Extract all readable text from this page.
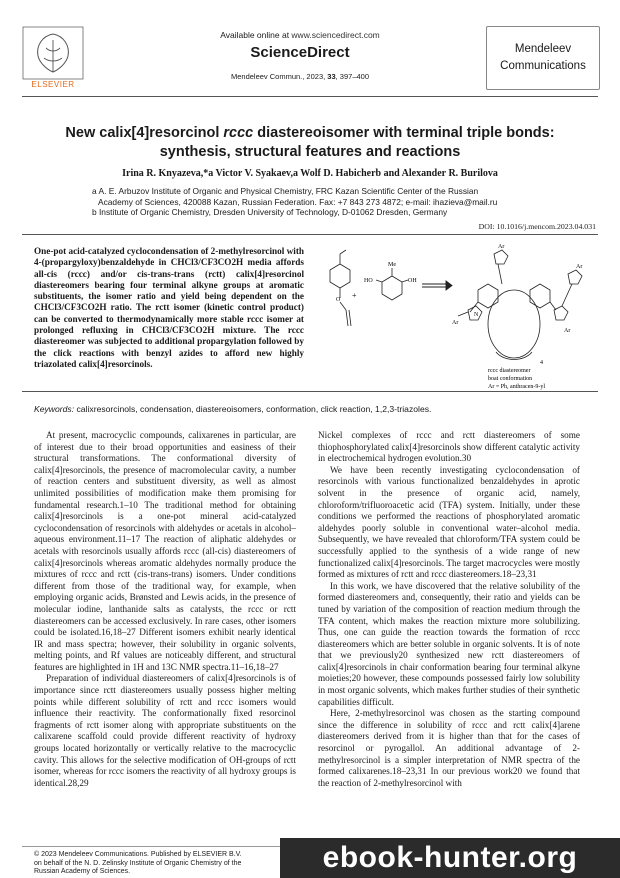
ELSEVIER
Available online at www.sciencedirect.com
ScienceDirect
Mendeleev Commun., 2023, 33, 397–400
Mendeleev
Communications
New calix[4]resorcinol rccc diastereoisomer with terminal triple bonds:
synthesis, structural features and reactions
Irina R. Knyazeva,*a Victor V. Syakaev,a Wolf D. Habicherb and Alexander R. Burilova
a A. E. Arbuzov Institute of Organic and Physical Chemistry, FRC Kazan Scientific Center of the Russian
Academy of Sciences, 420088 Kazan, Russian Federation. Fax: +7 843 273 4872; e-mail: ihazieva@mail.ru
b Institute of Organic Chemistry, Dresden University of Technology, D-01062 Dresden, Germany
DOI: 10.1016/j.mencom.2023.04.031
One-pot acid-catalyzed cyclocondensation of 2-methylresorcinol with 4-(propargyloxy)benzaldehyde in CHCl3/CF3CO2H media affords all-cis (rccc) and/or cis-trans-trans (rctt) calix[4]resorcinol diastereomers bearing four terminal alkyne groups at aromatic substituents, the isomer ratio and yield being dependent on the CHCl3/CF3CO2H ratio. The rctt isomer (kinetic control product) can be converted to thermodynamically more stable rccc isomer at prolonged refluxing in CHCl3/CF3CO2H mixture. The rccc diastereomer was subjected to additional propargylation followed by the click reactions with benzyl azides to afford new highly triazolated calix[4]resorcinols.
O +
Me
HO	OH
Ar
Ar
Ar
Ar
N
4
rccc diastereomer
boat conformation
Ar = Ph, anthracen-9-yl
Keywords: calixresorcinols, condensation, diastereoisomers, conformation, click reaction, 1,2,3-triazoles.

At present, macrocyclic compounds, calixarenes in particular, are of interest due to their broad opportunities and easiness of their structural transformations. The conformational diversity of calix[4]resorcinols, the presence of macromolecular cavity, a number of reaction centers and substituent diversity, as well as almost unlimited possibilities of modification make them promising for fundamental research.1–10 The traditional method for obtaining calix[4]resorcinols is a one-pot mineral acid-catalyzed cyclocondensation of resorcinols with aldehydes or acetals in alcohol–aqueous environment.11–17 The reaction of aliphatic aldehydes or acetals with resorcinols usually affords rccc (all-cis) diastereomers of calix[4]resorcinols whereas aromatic aldehydes normally produce the mixtures of rccc and rctt (cis-trans-trans) isomers. Under conditions different from those of the traditional way, for example, when employing organic acids, Brønsted and Lewis acids, in the presence of molecular iodine, lanthanide salts as catalysts, the rccc or rctt diastereomers can be accessed exclusively. In rare cases, other isomers could be isolated.16,18–27 Different isomers exhibit nearly identical IR and mass spectra; however, their solubility in organic solvents, melting points, and Rf values are noticeably different, and structural features are highlighted in 1H and 13C NMR spectra.11–16,18–27

Preparation of individual diastereomers of calix[4]resorcinols is of importance since rctt diastereomers usually possess higher melting points while different solubility of rctt and rccc isomers would influence their reactivity. The conformationally fixed resorcinol fragments of rctt isomer along with appropriate substituents on the calixarene scaffold could provide different reactivity of hydroxy groups located horizontally or vertically relative to the macrocyclic cavity. This allows for the selective modification of OH-groups of rctt isomer, whereas for rccc isomers the reactivity of all hydroxy groups is identical.28,29

Nickel complexes of rccc and rctt diastereomers of some thiophosphorylated calix[4]resorcinols show different catalytic activity in electrochemical hydrogen evolution.30

We have been recently investigating cyclocondensation of resorcinols with various functionalized benzaldehydes in aprotic solvent in the presence of organic acid, namely, chloroform/trifluoroacetic acid (TFA) system. Initially, under these conditions we performed the reactions of phosphorylated aromatic aldehydes poorly soluble in conventional water–alcohol media. Subsequently, we have revealed that chloroform/TFA system could be successfully applied to the synthesis of a wide range of new functionalized calix[4]resorcinols. The target macrocycles were mostly formed as mixtures of rctt and rccc diastereomers.18–23,31

In this work, we have discovered that the relative solubility of the formed diastereomers and, consequently, their ratio and yields can be tuned by variation of the composition of reaction medium through the TFA content, which makes the reaction mixture more solubilizing. Thus, one can guide the reaction towards the formation of rccc diastereomers which are better soluble in organic solvents. It is of note that we previously20 synthesized new rctt diastereomers of calix[4]resorcinols in chair conformation bearing four terminal alkyne moieties;20 however, these compounds possessed fairly low solubility in most organic solvents, which makes further studies of their synthetic capabilities difficult.

Here, 2-methylresorcinol was chosen as the starting compound since the difference in solubility of rccc and rctt calix[4]arene diastereomers derived from it is higher than that for the cases of resorcinol or pyrogallol. An additional advantage of 2-methylresorcinol is a simpler interpretation of NMR spectra of the formed calixarenes.18–23,31 In our previous work20 we found that the reaction of 2-methylresorcinol with

© 2023 Mendeleev Communications. Published by ELSEVIER B.V.
on behalf of the N. D. Zelinsky Institute of Organic Chemistry of the
Russian Academy of Sciences.	ebook-hunter.org
